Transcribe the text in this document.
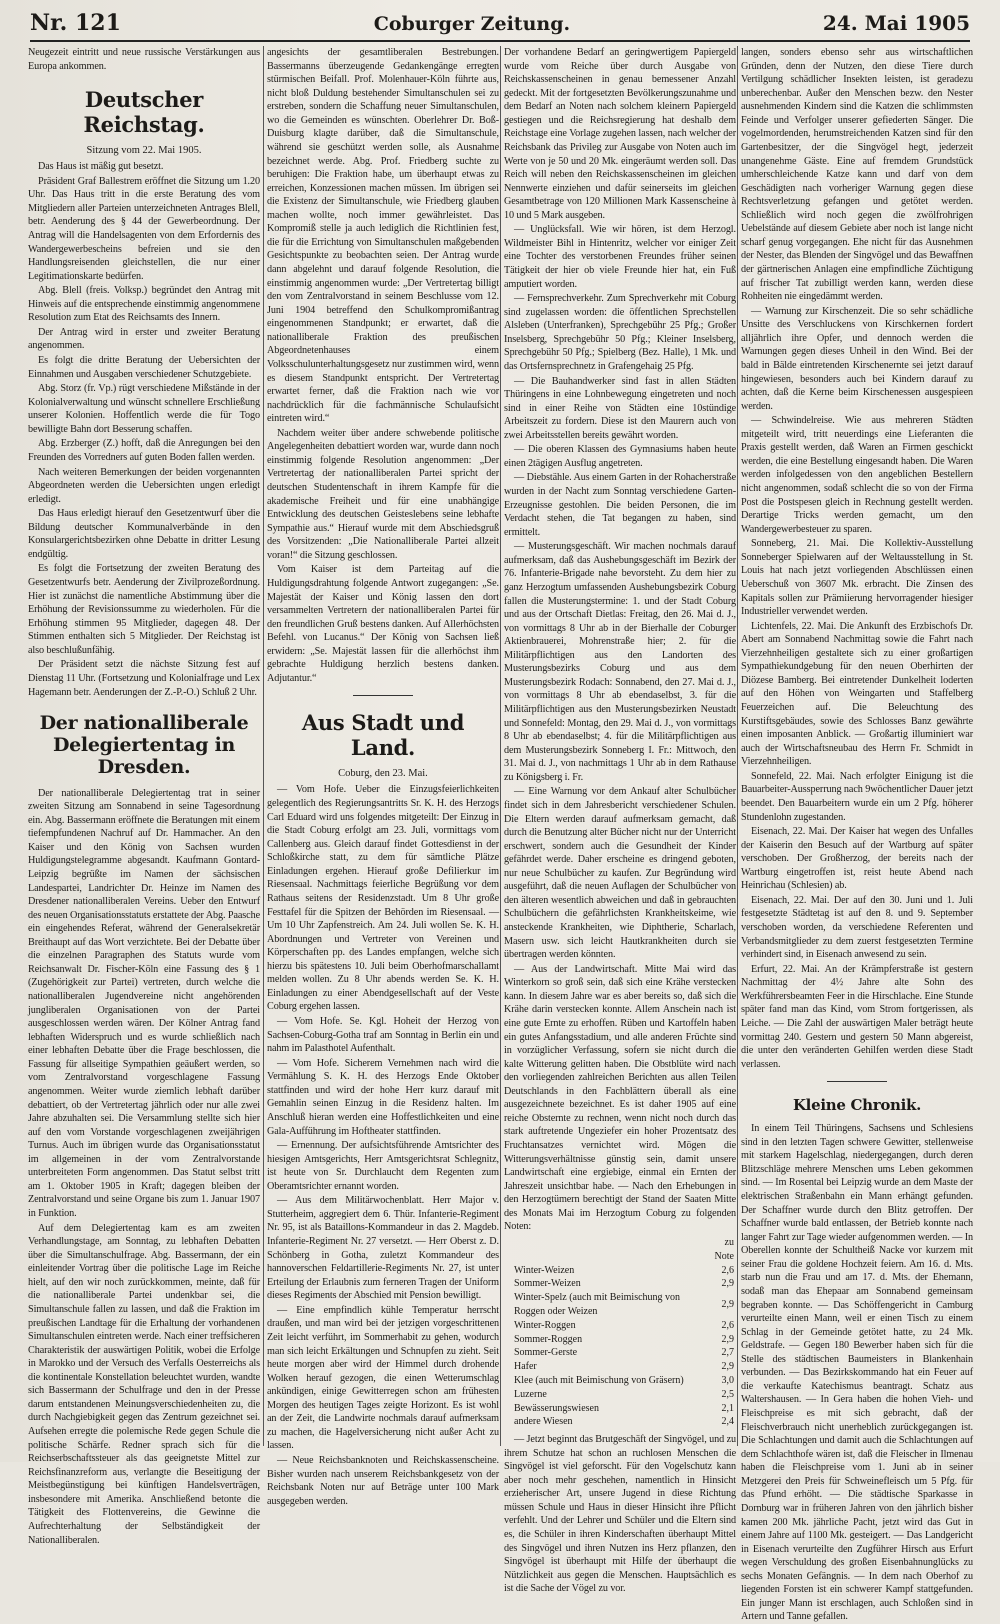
Nr. 121	Coburger Zeitung.	24. Mai 1905

Neugezeit eintritt und neue russische Verstärkungen aus Europa ankommen.

Deutscher Reichstag.
Sitzung vom 22. Mai 1905.

Das Haus ist mäßig gut besetzt.

Präsident Graf Ballestrem eröffnet die Sitzung um 1.20 Uhr. Das Haus tritt in die erste Beratung des vom Mitgliedern aller Parteien unterzeichneten Antrages Blell, betr. Aenderung des § 44 der Gewerbeordnung. Der Antrag will die Handelsagenten von dem Erfordernis des Wandergewerbescheins befreien und sie den Handlungsreisenden gleichstellen, die nur einer Legitimationskarte bedürfen.

Abg. Blell (freis. Volksp.) begründet den Antrag mit Hinweis auf die entsprechende einstimmig angenommene Resolution zum Etat des Reichsamts des Innern.

Der Antrag wird in erster und zweiter Beratung angenommen.

Es folgt die dritte Beratung der Uebersichten der Einnahmen und Ausgaben verschiedener Schutzgebiete.

Abg. Storz (fr. Vp.) rügt verschiedene Mißstände in der Kolonialverwaltung und wünscht schnellere Erschließung unserer Kolonien. Hoffentlich werde die für Togo bewilligte Bahn dort Besserung schaffen.

Abg. Erzberger (Z.) hofft, daß die Anregungen bei den Freunden des Vorredners auf guten Boden fallen werden.

Nach weiteren Bemerkungen der beiden vorgenannten Abgeordneten werden die Uebersichten ungen erledigt erledigt.

Das Haus erledigt hierauf den Gesetzentwurf über die Bildung deutscher Kommunalverbände in den Konsulargerichtsbezirken ohne Debatte in dritter Lesung endgültig.

Es folgt die Fortsetzung der zweiten Beratung des Gesetzentwurfs betr. Aenderung der Zivilprozeßordnung. Hier ist zunächst die namentliche Abstimmung über die Erhöhung der Revisionssumme zu wiederholen. Für die Erhöhung stimmen 95 Mitglieder, dagegen 48. Der Stimmen enthalten sich 5 Mitglieder. Der Reichstag ist also beschlußunfähig.

Der Präsident setzt die nächste Sitzung fest auf Dienstag 11 Uhr. (Fortsetzung und Kolonialfrage und Lex Hagemann betr. Aenderungen der Z.-P.-O.) Schluß 2 Uhr.

Der nationalliberale Delegiertentag in Dresden.

Der nationalliberale Delegiertentag trat in seiner zweiten Sitzung am Sonnabend in seine Tagesordnung ein. Abg. Bassermann eröffnete die Beratungen mit einem tiefempfundenen Nachruf auf Dr. Hammacher. An den Kaiser und den König von Sachsen wurden Huldigungstelegramme abgesandt. Kaufmann Gontard-Leipzig begrüßte im Namen der sächsischen Landespartei, Landrichter Dr. Heinze im Namen des Dresdener nationalliberalen Vereins. Ueber den Entwurf des neuen Organisationsstatuts erstattete der Abg. Paasche ein eingehendes Referat, während der Generalsekretär Breithaupt auf das Wort verzichtete. Bei der Debatte über die einzelnen Paragraphen des Statuts wurde vom Reichsanwalt Dr. Fischer-Köln eine Fassung des § 1 (Zugehörigkeit zur Partei) vertreten, durch welche die nationalliberalen Jugendvereine nicht angehörenden jungliberalen Organisationen von der Partei ausgeschlossen werden wären. Der Kölner Antrag fand lebhaften Widerspruch und es wurde schließlich nach einer lebhaften Debatte über die Frage beschlossen, die Fassung für allseitige Sympathien geäußert werden, so vom Zentralvorstand vorgeschlagene Fassung angenommen. Weiter wurde ziemlich lebhaft darüber debattiert, ob der Vertretertag jährlich oder nur alle zwei Jahre abzuhalten sei. Die Versammlung stellte sich hier auf den vom Vorstande vorgeschlagenen zweijährigen Turnus. Auch im übrigen wurde das Organisationsstatut im allgemeinen in der vom Zentralvorstande unterbreiteten Form angenommen. Das Statut selbst tritt am 1. Oktober 1905 in Kraft; dagegen bleiben der Zentralvorstand und seine Organe bis zum 1. Januar 1907 in Funktion.

Auf dem Delegiertentag kam es am zweiten Verhandlungstage, am Sonntag, zu lebhaften Debatten über die Simultanschulfrage. Abg. Bassermann, der ein einleitender Vortrag über die politische Lage im Reiche hielt, auf den wir noch zurückkommen, meinte, daß für die nationalliberale Partei undenkbar sei, die Simultanschule fallen zu lassen, und daß die Fraktion im preußischen Landtage für die Erhaltung der vorhandenen Simultanschulen eintreten werde. Nach einer treffsicheren Charakteristik der auswärtigen Politik, wobei die Erfolge in Marokko und der Versuch des Verfalls Oesterreichs als die kontinentale Konstellation beleuchtet wurden, wandte sich Bassermann der Schulfrage und den in der Presse darum entstandenen Meinungsverschiedenheiten zu, die durch Nachgiebigkeit gegen das Zentrum gezeichnet sei. Aufsehen erregte die polemische Rede gegen Schule die politische Schärfe. Redner sprach sich für die Reichserbschaftssteuer als das geeignetste Mittel zur Reichsfinanzreform aus, verlangte die Beseitigung der Meistbegünstigung bei künftigen Handelsverträgen, insbesondere mit Amerika. Anschließend betonte die Tätigkeit des Flottenvereins, die Gewinne die Aufrechterhaltung der Selbständigkeit der Nationalliberalen.

angesichts der gesamtliberalen Bestrebungen. Bassermanns überzeugende Gedankengänge erregten stürmischen Beifall. Prof. Molenhauer-Köln führte aus, nicht bloß Duldung bestehender Simultanschulen sei zu erstreben, sondern die Schaffung neuer Simultanschulen, wo die Gemeinden es wünschten. Oberlehrer Dr. Boß-Duisburg klagte darüber, daß die Simultanschule, während sie geschützt werden solle, als Ausnahme bezeichnet werde. Abg. Prof. Friedberg suchte zu beruhigen: Die Fraktion habe, um überhaupt etwas zu erreichen, Konzessionen machen müssen. Im übrigen sei die Existenz der Simultanschule, wie Friedberg glauben machen wollte, noch immer gewährleistet. Das Kompromiß stelle ja auch lediglich die Richtlinien fest, die für die Errichtung von Simultanschulen maßgebenden Gesichtspunkte zu beobachten seien. Der Antrag wurde dann abgelehnt und darauf folgende Resolution, die einstimmig angenommen wurde: „Der Vertretertag billigt den vom Zentralvorstand in seinem Beschlusse vom 12. Juni 1904 betreffend den Schulkompromißantrag eingenommenen Standpunkt; er erwartet, daß die nationalliberale Fraktion des preußischen Abgeordnetenhauses einem Volksschulunterhaltungsgesetz nur zustimmen wird, wenn es diesem Standpunkt entspricht. Der Vertretertag erwartet ferner, daß die Fraktion nach wie vor nachdrücklich für die fachmännische Schulaufsicht eintreten wird.“

Nachdem weiter über andere schwebende politische Angelegenheiten debattiert worden war, wurde dann noch einstimmig folgende Resolution angenommen: „Der Vertretertag der nationalliberalen Partei spricht der deutschen Studentenschaft in ihrem Kampfe für die akademische Freiheit und für eine unabhängige Entwicklung des deutschen Geisteslebens seine lebhafte Sympathie aus.“ Hierauf wurde mit dem Abschiedsgruß des Vorsitzenden: „Die Nationalliberale Partei allzeit voran!“ die Sitzung geschlossen.

Vom Kaiser ist dem Parteitag auf die Huldigungsdrahtung folgende Antwort zugegangen: „Se. Majestät der Kaiser und König lassen den dort versammelten Vertretern der nationalliberalen Partei für den freundlichen Gruß bestens danken. Auf Allerhöchsten Befehl. von Lucanus.“ Der König von Sachsen ließ erwidern: „Se. Majestät lassen für die allerhöchst ihm gebrachte Huldigung herzlich bestens danken. Adjutantur.“

Aus Stadt und Land.
Coburg, den 23. Mai.

— Vom Hofe. Ueber die Einzugsfeierlichkeiten gelegentlich des Regierungsantritts Sr. K. H. des Herzogs Carl Eduard wird uns folgendes mitgeteilt: Der Einzug in die Stadt Coburg erfolgt am 23. Juli, vormittags vom Callenberg aus. Gleich darauf findet Gottesdienst in der Schloßkirche statt, zu dem für sämtliche Plätze Einladungen ergehen. Hierauf große Defilierkur im Riesensaal. Nachmittags feierliche Begrüßung vor dem Rathaus seitens der Residenzstadt. Um 8 Uhr große Festtafel für die Spitzen der Behörden im Riesensaal. — Um 10 Uhr Zapfenstreich. Am 24. Juli wollen Se. K. H. Abordnungen und Vertreter von Vereinen und Körperschaften pp. des Landes empfangen, welche sich hierzu bis spätestens 10. Juli beim Oberhofmarschallamt melden wollen. Zu 8 Uhr abends werden Se. K. H. Einladungen zu einer Abendgesellschaft auf der Veste Coburg ergehen lassen.

— Vom Hofe. Se. Kgl. Hoheit der Herzog von Sachsen-Coburg-Gotha traf am Sonntag in Berlin ein und nahm im Palasthotel Aufenthalt.

— Vom Hofe. Sicherem Vernehmen nach wird die Vermählung S. K. H. des Herzogs Ende Oktober stattfinden und wird der hohe Herr kurz darauf mit Gemahlin seinen Einzug in die Residenz halten. Im Anschluß hieran werden eine Hoffestlichkeiten und eine Gala-Aufführung im Hoftheater stattfinden.

— Ernennung. Der aufsichtsführende Amtsrichter des hiesigen Amtsgerichts, Herr Amtsgerichtsrat Schlegnitz, ist heute von Sr. Durchlaucht dem Regenten zum Oberamtsrichter ernannt worden.

— Aus dem Militärwochenblatt. Herr Major v. Stutterheim, aggregiert dem 6. Thür. Infanterie-Regiment Nr. 95, ist als Bataillons-Kommandeur in das 2. Magdeb. Infanterie-Regiment Nr. 27 versetzt. — Herr Oberst z. D. Schönberg in Gotha, zuletzt Kommandeur des hannoverschen Feldartillerie-Regiments Nr. 27, ist unter Erteilung der Erlaubnis zum ferneren Tragen der Uniform dieses Regiments der Abschied mit Pension bewilligt.

— Eine empfindlich kühle Temperatur herrscht draußen, und man wird bei der jetzigen vorgeschrittenen Zeit leicht verführt, im Sommerhabit zu gehen, wodurch man sich leicht Erkältungen und Schnupfen zu zieht. Seit heute morgen aber wird der Himmel durch drohende Wolken herauf gezogen, die einen Wetterumschlag ankündigen, einige Gewitterregen schon am frühesten Morgen des heutigen Tages zeigte Horizont. Es ist wohl an der Zeit, die Landwirte nochmals darauf aufmerksam zu machen, die Hagelversicherung nicht außer Acht zu lassen.

— Neue Reichsbanknoten und Reichskassenscheine. Bisher wurden nach unserem Reichsbankgesetz von der Reichsbank Noten nur auf Beträge unter 100 Mark ausgegeben werden.

Der vorhandene Bedarf an geringwertigem Papiergeld wurde vom Reiche über durch Ausgabe von Reichskassenscheinen in genau bemessener Anzahl gedeckt. Mit der fortgesetzten Bevölkerungszunahme und dem Bedarf an Noten nach solchem kleinern Papiergeld gestiegen und die Reichsregierung hat deshalb dem Reichstage eine Vorlage zugehen lassen, nach welcher der Reichsbank das Privileg zur Ausgabe von Noten auch im Werte von je 50 und 20 Mk. eingeräumt werden soll. Das Reich will neben den Reichskassenscheinen im gleichen Nennwerte einziehen und dafür seinerseits im gleichen Gesamtbetrage von 120 Millionen Mark Kassenscheine à 10 und 5 Mark ausgeben.

— Unglücksfall. Wie wir hören, ist dem Herzogl. Wildmeister Bihl in Hintenritz, welcher vor einiger Zeit eine Tochter des verstorbenen Freundes früher seinen Tätigkeit der hier ob viele Freunde hier hat, ein Fuß amputiert worden.

— Fernsprechverkehr. Zum Sprechverkehr mit Coburg sind zugelassen worden: die öffentlichen Sprechstellen Alsleben (Unterfranken), Sprechgebühr 25 Pfg.; Großer Inselsberg, Sprechgebühr 50 Pfg.; Kleiner Inselsberg, Sprechgebühr 50 Pfg.; Spielberg (Bez. Halle), 1 Mk. und das Ortsfernsprechnetz in Grafengehaig 25 Pfg.

— Die Bauhandwerker sind fast in allen Städten Thüringens in eine Lohnbewegung eingetreten und noch sind in einer Reihe von Städten eine 10stündige Arbeitszeit zu fordern. Diese ist den Maurern auch von zwei Arbeitsstellen bereits gewährt worden.

— Die oberen Klassen des Gymnasiums haben heute einen 2tägigen Ausflug angetreten.

— Diebstähle. Aus einem Garten in der Rohacherstraße wurden in der Nacht zum Sonntag verschiedene Garten-Erzeugnisse gestohlen. Die beiden Personen, die im Verdacht stehen, die Tat begangen zu haben, sind ermittelt.

— Musterungsgeschäft. Wir machen nochmals darauf aufmerksam, daß das Aushebungsgeschäft im Bezirk der 76. Infanterie-Brigade nahe bevorsteht. Zu dem hier zu ganz Herzogtum umfassenden Aushebungsbezirk Coburg fallen die Musterungstermine: 1. und der Stadt Coburg und aus der Ortschaft Dietlas: Freitag, den 26. Mai d. J., von vormittags 8 Uhr ab in der Bierhalle der Coburger Aktienbrauerei, Mohrenstraße hier; 2. für die Militärpflichtigen aus den Landorten des Musterungsbezirks Coburg und aus dem Musterungsbezirk Rodach: Sonnabend, den 27. Mai d. J., von vormittags 8 Uhr ab ebendaselbst, 3. für die Militärpflichtigen aus den Musterungsbezirken Neustadt und Sonnefeld: Montag, den 29. Mai d. J., von vormittags 8 Uhr ab ebendaselbst; 4. für die Militärpflichtigen aus dem Musterungsbezirk Sonneberg I. Fr.: Mittwoch, den 31. Mai d. J., von nachmittags 1 Uhr ab in dem Rathause zu Königsberg i. Fr.

— Eine Warnung vor dem Ankauf alter Schulbücher findet sich in dem Jahresbericht verschiedener Schulen. Die Eltern werden darauf aufmerksam gemacht, daß durch die Benutzung alter Bücher nicht nur der Unterricht erschwert, sondern auch die Gesundheit der Kinder gefährdet werde. Daher erscheine es dringend geboten, nur neue Schulbücher zu kaufen. Zur Begründung wird ausgeführt, daß die neuen Auflagen der Schulbücher von den älteren wesentlich abweichen und daß in gebrauchten Schulbüchern die gefährlichsten Krankheitskeime, wie ansteckende Krankheiten, wie Diphtherie, Scharlach, Masern usw. sich leicht Hautkrankheiten durch sie übertragen werden könnten.

— Aus der Landwirtschaft. Mitte Mai wird das Winterkorn so groß sein, daß sich eine Krähe verstecken kann. In diesem Jahre war es aber bereits so, daß sich die Krähe darin verstecken konnte. Allem Anschein nach ist eine gute Ernte zu erhoffen. Rüben und Kartoffeln haben ein gutes Anfangsstadium, und alle anderen Früchte sind in vorzüglicher Verfassung, sofern sie nicht durch die kalte Witterung gelitten haben. Die Obstblüte wird nach den vorliegenden zahlreichen Berichten aus allen Teilen Deutschlands in den Fachblättern überall als eine ausgezeichnete bezeichnet. Es ist daher 1905 auf eine reiche Obsternte zu rechnen, wenn nicht noch durch das stark auftretende Ungeziefer ein hoher Prozentsatz des Fruchtansatzes vernichtet wird. Mögen die Witterungsverhältnisse günstig sein, damit unsere Landwirtschaft eine ergiebige, einmal ein Ernten der Jahreszeit unsichtbar habe. — Nach den Erhebungen in den Herzogtümern berechtigt der Stand der Saaten Mitte des Monats Mai im Herzogtum Coburg zu folgenden Noten:

	zu Note
Winter-Weizen	2,6
Sommer-Weizen	2,9
Winter-Spelz (auch mit Beimischung von Roggen oder Weizen	2,9
Winter-Roggen	2,6
Sommer-Roggen	2,9
Sommer-Gerste	2,7
Hafer	2,9
Klee (auch mit Beimischung von Gräsern)	3,0
Luzerne	2,5
Bewässerungswiesen	2,1
andere Wiesen	2,4

— Jetzt beginnt das Brutgeschäft der Singvögel, und zu ihrem Schutze hat schon an ruchlosen Menschen die Singvögel ist viel geforscht. Für den Vogelschutz kann aber noch mehr geschehen, namentlich in Hinsicht erzieherischer Art, unsere Jugend in diese Richtung müssen Schule und Haus in dieser Hinsicht ihre Pflicht verfehlt. Und der Lehrer und Schüler und die Eltern sind es, die Schüler in ihren Kinderschaften überhaupt Mittel des Singvögel und ihren Nutzen ins Herz pflanzen, den Singvögel ist überhaupt mit Hilfe der überhaupt die Nützlichkeit aus gegen die Menschen. Hauptsächlich es ist die Sache der Vögel zu vor.

langen, sonders ebenso sehr aus wirtschaftlichen Gründen, denn der Nutzen, den diese Tiere durch Vertilgung schädlicher Insekten leisten, ist geradezu unberechenbar. Außer den Menschen bezw. den Nester ausnehmenden Kindern sind die Katzen die schlimmsten Feinde und Verfolger unserer gefiederten Sänger. Die vogelmordenden, herumstreichenden Katzen sind für den Gartenbesitzer, der die Singvögel hegt, jederzeit unangenehme Gäste. Eine auf fremdem Grundstück umherschleichende Katze kann und darf von dem Geschädigten nach vorheriger Warnung gegen diese Rechtsverletzung gefangen und getötet werden. Schließlich wird noch gegen die zwölfrohrigen Uebelstände auf diesem Gebiete aber noch ist lange nicht scharf genug vorgegangen. Ehe nicht für das Ausnehmen der Nester, das Blenden der Singvögel und das Bewaffnen der gärtnerischen Anlagen eine empfindliche Züchtigung auf frischer Tat zubilligt werden kann, werden diese Rohheiten nie eingedämmt werden.

— Warnung zur Kirschenzeit. Die so sehr schädliche Unsitte des Verschluckens von Kirschkernen fordert alljährlich ihre Opfer, und dennoch werden die Warnungen gegen dieses Unheil in den Wind. Bei der bald in Bälde eintretenden Kirschenernte sei jetzt darauf hingewiesen, besonders auch bei Kindern darauf zu achten, daß die Kerne beim Kirschenessen ausgespieen werden.

— Schwindelreise. Wie aus mehreren Städten mitgeteilt wird, tritt neuerdings eine Lieferanten die Praxis gestellt werden, daß Waren an Firmen geschickt werden, die eine Bestellung eingesandt haben. Die Waren werden infolgedessen von den angeblichen Bestellern nicht angenommen, sodaß schlecht die so von der Firma Post die Postspesen gleich in Rechnung gestellt werden. Derartige Tricks werden gemacht, um den Wandergewerbesteuer zu sparen.

Sonneberg, 21. Mai. Die Kollektiv-Ausstellung Sonneberger Spielwaren auf der Weltausstellung in St. Louis hat nach jetzt vorliegenden Abschlüssen einen Ueberschuß von 3607 Mk. erbracht. Die Zinsen des Kapitals sollen zur Prämiierung hervorragender hiesiger Industrieller verwendet werden.

Lichtenfels, 22. Mai. Die Ankunft des Erzbischofs Dr. Abert am Sonnabend Nachmittag sowie die Fahrt nach Vierzehnheiligen gestaltete sich zu einer großartigen Sympathiekundgebung für den neuen Oberhirten der Diözese Bamberg. Bei eintretender Dunkelheit loderten auf den Höhen von Weingarten und Staffelberg Feuerzeichen auf. Die Beleuchtung des Kurstiftsgebäudes, sowie des Schlosses Banz gewährte einen imposanten Anblick. — Großartig illuminiert war auch der Wirtschaftsneubau des Herrn Fr. Schmidt in Vierzehnheiligen.

Sonnefeld, 22. Mai. Nach erfolgter Einigung ist die Bauarbeiter-Aussperrung nach 9wöchentlicher Dauer jetzt beendet. Den Bauarbeitern wurde ein um 2 Pfg. höherer Stundenlohn zugestanden.

Eisenach, 22. Mai. Der Kaiser hat wegen des Unfalles der Kaiserin den Besuch auf der Wartburg auf später verschoben. Der Großherzog, der bereits nach der Wartburg eingetroffen ist, reist heute Abend nach Heinrichau (Schlesien) ab.

Eisenach, 22. Mai. Der auf den 30. Juni und 1. Juli festgesetzte Städtetag ist auf den 8. und 9. September verschoben worden, da verschiedene Referenten und Verbandsmitglieder zu dem zuerst festgesetzten Termine verhindert sind, in Eisenach anwesend zu sein.

Erfurt, 22. Mai. An der Krämpferstraße ist gestern Nachmittag der 4½ Jahre alte Sohn des Werkführersbeamten Feer in die Hirschlache. Eine Stunde später fand man das Kind, vom Strom fortgerissen, als Leiche. — Die Zahl der auswärtigen Maler beträgt heute vormittag 240. Gestern und gestern 50 Mann abgereist, die unter den veränderten Gehilfen werden diese Stadt verlassen.

Kleine Chronik.

In einem Teil Thüringens, Sachsens und Schlesiens sind in den letzten Tagen schwere Gewitter, stellenweise mit starkem Hagelschlag, niedergegangen, durch deren Blitzschläge mehrere Menschen ums Leben gekommen sind. — Im Rosental bei Leipzig wurde an dem Maste der elektrischen Straßenbahn ein Mann erhängt gefunden. Der Schaffner wurde durch den Blitz getroffen. Der Schaffner wurde bald entlassen, der Betrieb konnte nach langer Fahrt zur Tage wieder aufgenommen werden. — In Oberellen konnte der Schultheiß Nacke vor kurzem mit seiner Frau die goldene Hochzeit feiern. Am 16. d. Mts. starb nun die Frau und am 17. d. Mts. der Ehemann, sodaß man das Ehepaar am Sonnabend gemeinsam begraben konnte. — Das Schöffengericht in Camburg verurteilte einen Mann, weil er einen Tisch zu einem Schlag in der Gemeinde getötet hatte, zu 24 Mk. Geldstrafe. — Gegen 180 Bewerber haben sich für die Stelle des städtischen Baumeisters in Blankenhain verbunden. — Das Bezirkskommando hat ein Feuer auf die verkaufte Katechismus beantragt. Schatz aus Waltershausen. — In Gera haben die hohen Vieh- und Fleischpreise es mit sich gebracht, daß der Fleischverbrauch nicht unerheblich zurückgegangen ist. Die Schlachtungen und damit auch die Schlachtungen auf dem Schlachthofe wären ist, daß die Fleischer in Ilmenau haben die Fleischpreise vom 1. Juni ab in seiner Metzgerei den Preis für Schweinefleisch um 5 Pfg. für das Pfund erhöht. — Die städtische Sparkasse in Dornburg war in früheren Jahren von den jährlich bisher kamen 200 Mk. jährliche Pacht, jetzt wird das Gut in einem Jahre auf 1100 Mk. gesteigert. — Das Landgericht in Eisenach verurteilte den Zugführer Hirsch aus Erfurt wegen Verschuldung des großen Eisenbahnunglücks zu sechs Monaten Gefängnis. — In dem nach Oberhof zu liegenden Forsten ist ein schwerer Kampf stattgefunden. Ein junger Mann ist erschlagen, auch Schloßen sind in Artern und Tanne gefallen.
